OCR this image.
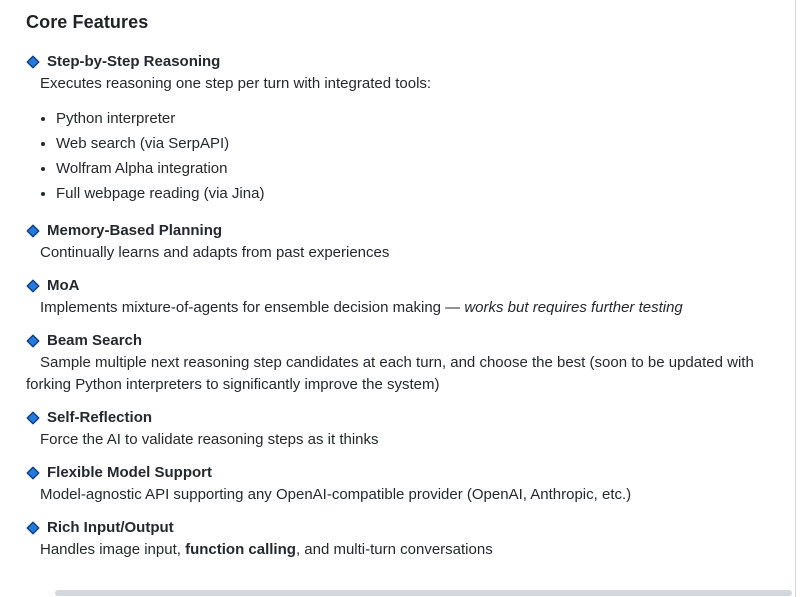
Core Features
Step-by-Step Reasoning
Executes reasoning one step per turn with integrated tools:
• Python interpreter
• Web search (via SerpAPI)
• Wolfram Alpha integration
• Full webpage reading (via Jina)
Memory-Based Planning
Continually learns and adapts from past experiences
MoA
Implements mixture-of-agents for ensemble decision making — works but requires further testing
Beam Search
Sample multiple next reasoning step candidates at each turn, and choose the best (soon to be updated with forking Python interpreters to significantly improve the system)
Self-Reflection
Force the AI to validate reasoning steps as it thinks
Flexible Model Support
Model-agnostic API supporting any OpenAI-compatible provider (OpenAI, Anthropic, etc.)
Rich Input/Output
Handles image input, function calling, and multi-turn conversations
